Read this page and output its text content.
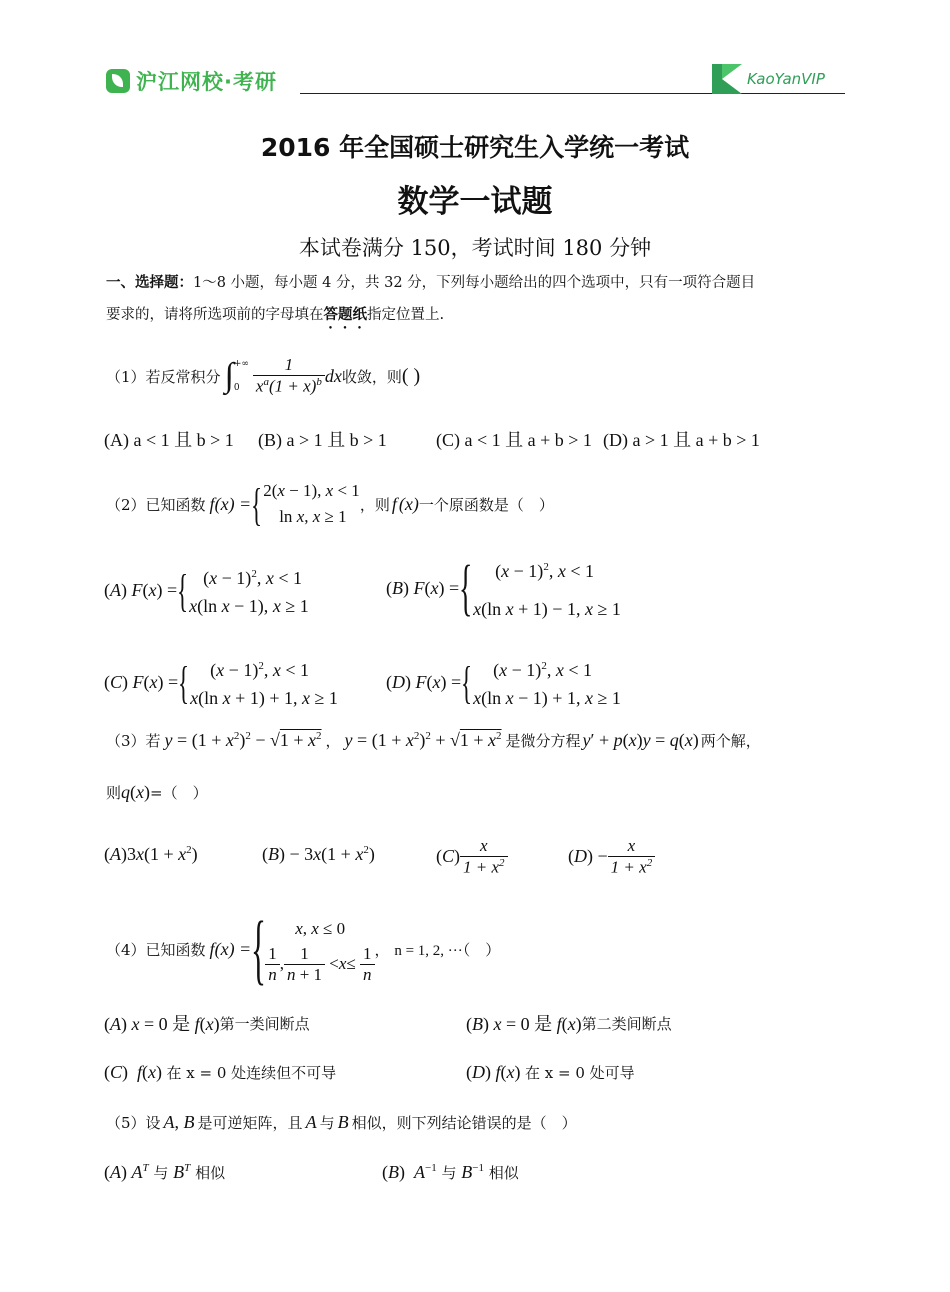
沪江网校·考研	KaoYanVIP
2016 年全国硕士研究生入学统一考试
数学一试题
本试卷满分 150，考试时间 180 分钟
一、选择题：1～8 小题，每小题 4 分，共 32 分，下列每小题给出的四个选项中，只有一项符合题目
要求的，请将所选项前的字母填在答题纸指定位置上.
（1）若反常积分 ∫ +∞
$0 \frac{1}{x^a(1 + x)^b}$ dx 收敛，则 ( )
(A) a < 1 且 b > 1 (B) a > 1 且 b > 1	(C) a < 1 且 a + b > 1 (D) a > 1 且 a + b > 1
（2）已知函数 f ( x ) = { 2(x − 1), x < 1
ln x, x ≥ 1
，则 f ( x ) 一个原函数是（　）
(A) F(x) = { $(x - 1)^2$, x < 1
x(ln x − 1), x ≥ 1
(B) F(x) = {	$(x - 1)^2$, x < 1
x(ln x + 1) − 1, x ≥ 1
(C) F(x) = {	$(x - 1)^2$, x < 1
x(ln x + 1) + 1, x ≥ 1
(D) F(x) = {	$(x - 1)^2$, x < 1
x(ln x − 1) + 1, x ≥ 1
（3）若 $y = (1 + x^2)^2 - √1 + x^2$ ， $y = (1 + x^2)^2 + √1 + x^2$ 是微分方程 y′ + p(x)y = q(x) 两个解，
则 q(x) =（　）
$(A)3x(1 + x^2)$	$(B) - 3x(1 + x^2)$	( C ) $\frac{x}{1 + x^2}$	( D ) − $\frac{x}{1 + x^2}$
（4）已知函数 f ( x ) = {	x, x ≤ 0
$\frac{1}{n}$ , $\frac{1}{n + 1} < x \le \frac{1}{n}$ ， n = 1, 2, ···（　）
(A) x = 0 是 f(x) 第一类间断点	(B) x = 0 是 f(x) 第二类间断点
(C)  f(x) 在 x = 0 处连续但不可导	(D) f(x) 在 x = 0 处可导
（5）设 A, B 是可逆矩阵，且 A 与 B 相似，则下列结论错误的是（　）
(A) $A^T$ 与 $B^T$
相似	(B)  $A^{-1}$ 与 $B^{-1}$
相似
